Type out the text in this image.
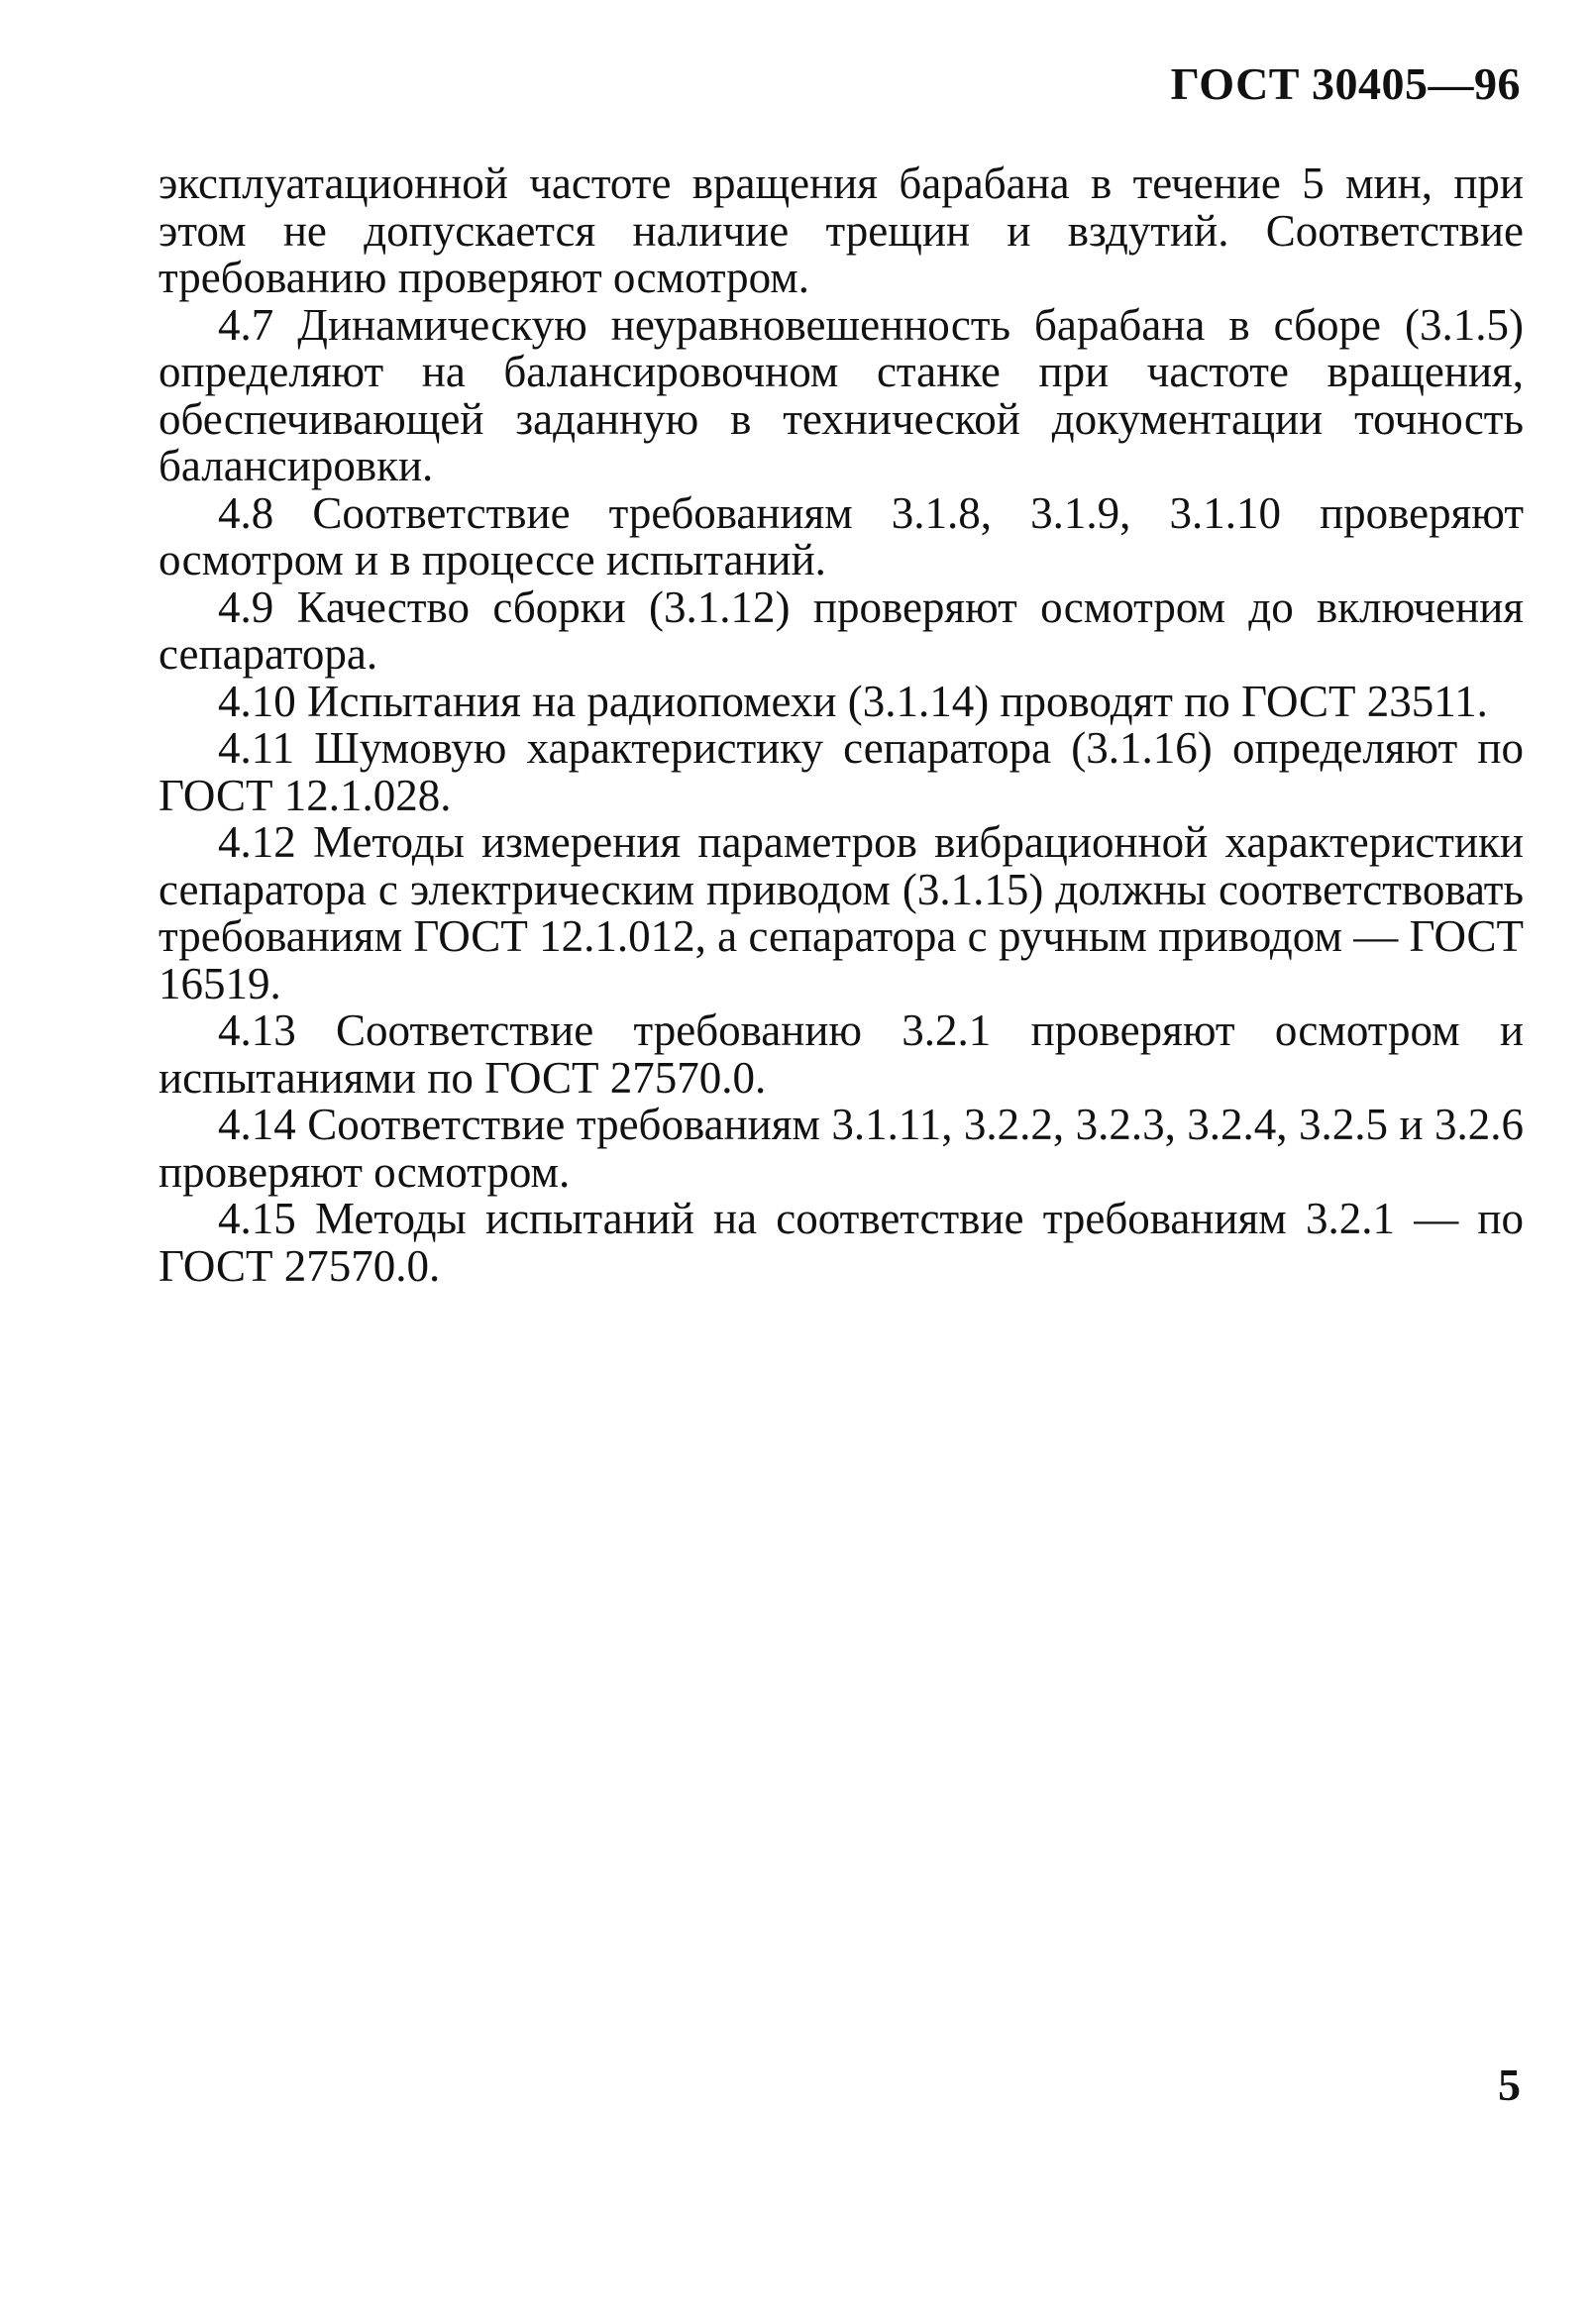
ГОСТ 30405—96

эксплуатационной частоте вращения барабана в течение 5 мин, при этом не допускается наличие трещин и вздутий. Соответствие требованию проверяют осмотром.

4.7 Динамическую неуравновешенность барабана в сборе (3.1.5) определяют на балансировочном станке при частоте вращения, обеспечивающей заданную в технической документации точность балансировки.

4.8 Соответствие требованиям 3.1.8, 3.1.9, 3.1.10 проверяют осмотром и в процессе испытаний.

4.9 Качество сборки (3.1.12) проверяют осмотром до включения сепаратора.

4.10 Испытания на радиопомехи (3.1.14) проводят по ГОСТ 23511.

4.11 Шумовую характеристику сепаратора (3.1.16) определяют по ГОСТ 12.1.028.

4.12 Методы измерения параметров вибрационной характеристики сепаратора с электрическим приводом (3.1.15) должны соответствовать требованиям ГОСТ 12.1.012, а сепаратора с ручным приводом — ГОСТ 16519.

4.13 Соответствие требованию 3.2.1 проверяют осмотром и испытаниями по ГОСТ 27570.0.

4.14 Соответствие требованиям 3.1.11, 3.2.2, 3.2.3, 3.2.4, 3.2.5 и 3.2.6 проверяют осмотром.

4.15 Методы испытаний на соответствие требованиям 3.2.1 — по ГОСТ 27570.0.

5
